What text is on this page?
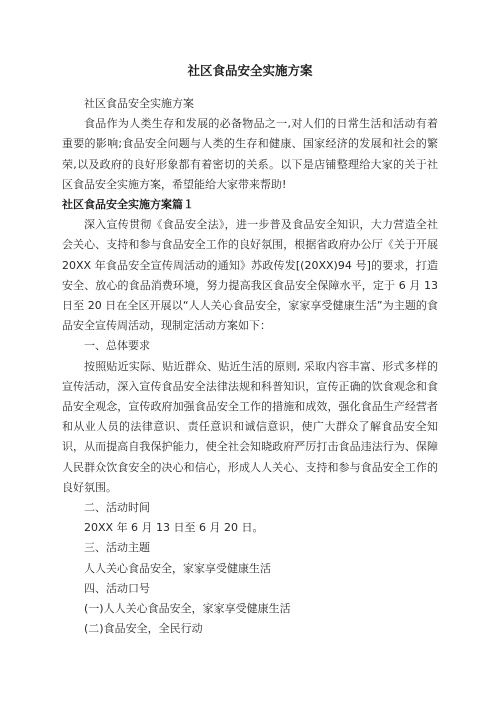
社区食品安全实施方案

社区食品安全实施方案

食品作为人类生存和发展的必备物品之一,对人们的日常生活和活动有着重要的影响;食品安全问题与人类的生存和健康、国家经济的发展和社会的繁荣,以及政府的良好形象都有着密切的关系。以下是店铺整理给大家的关于社区食品安全实施方案，希望能给大家带来帮助!

社区食品安全实施方案篇１

深入宣传贯彻《食品安全法》，进一步普及食品安全知识，大力营造全社会关心、支持和参与食品安全工作的良好氛围，根据省政府办公厅《关于开展 20XX 年食品安全宣传周活动的通知》苏政传发[(20XX)94 号]的要求，打造安全、放心的食品消费环境，努力提高我区食品安全保障水平，定于 6 月 13 日至 20 日在全区开展以“人人关心食品安全，家家享受健康生活”为主题的食品安全宣传周活动，现制定活动方案如下：

一、总体要求

按照贴近实际、贴近群众、贴近生活的原则, 采取内容丰富、形式多样的宣传活动，深入宣传食品安全法律法规和科普知识，宣传正确的饮食观念和食品安全观念，宣传政府加强食品安全工作的措施和成效，强化食品生产经营者和从业人员的法律意识、责任意识和诚信意识，使广大群众了解食品安全知识，从而提高自我保护能力，使全社会知晓政府严厉打击食品违法行为、保障人民群众饮食安全的决心和信心，形成人人关心、支持和参与食品安全工作的良好氛围。

二、活动时间

20XX 年 6 月 13 日至 6 月 20 日。

三、活动主题

人人关心食品安全，家家享受健康生活

四、活动口号

(一)人人关心食品安全，家家享受健康生活

(二)食品安全，全民行动
